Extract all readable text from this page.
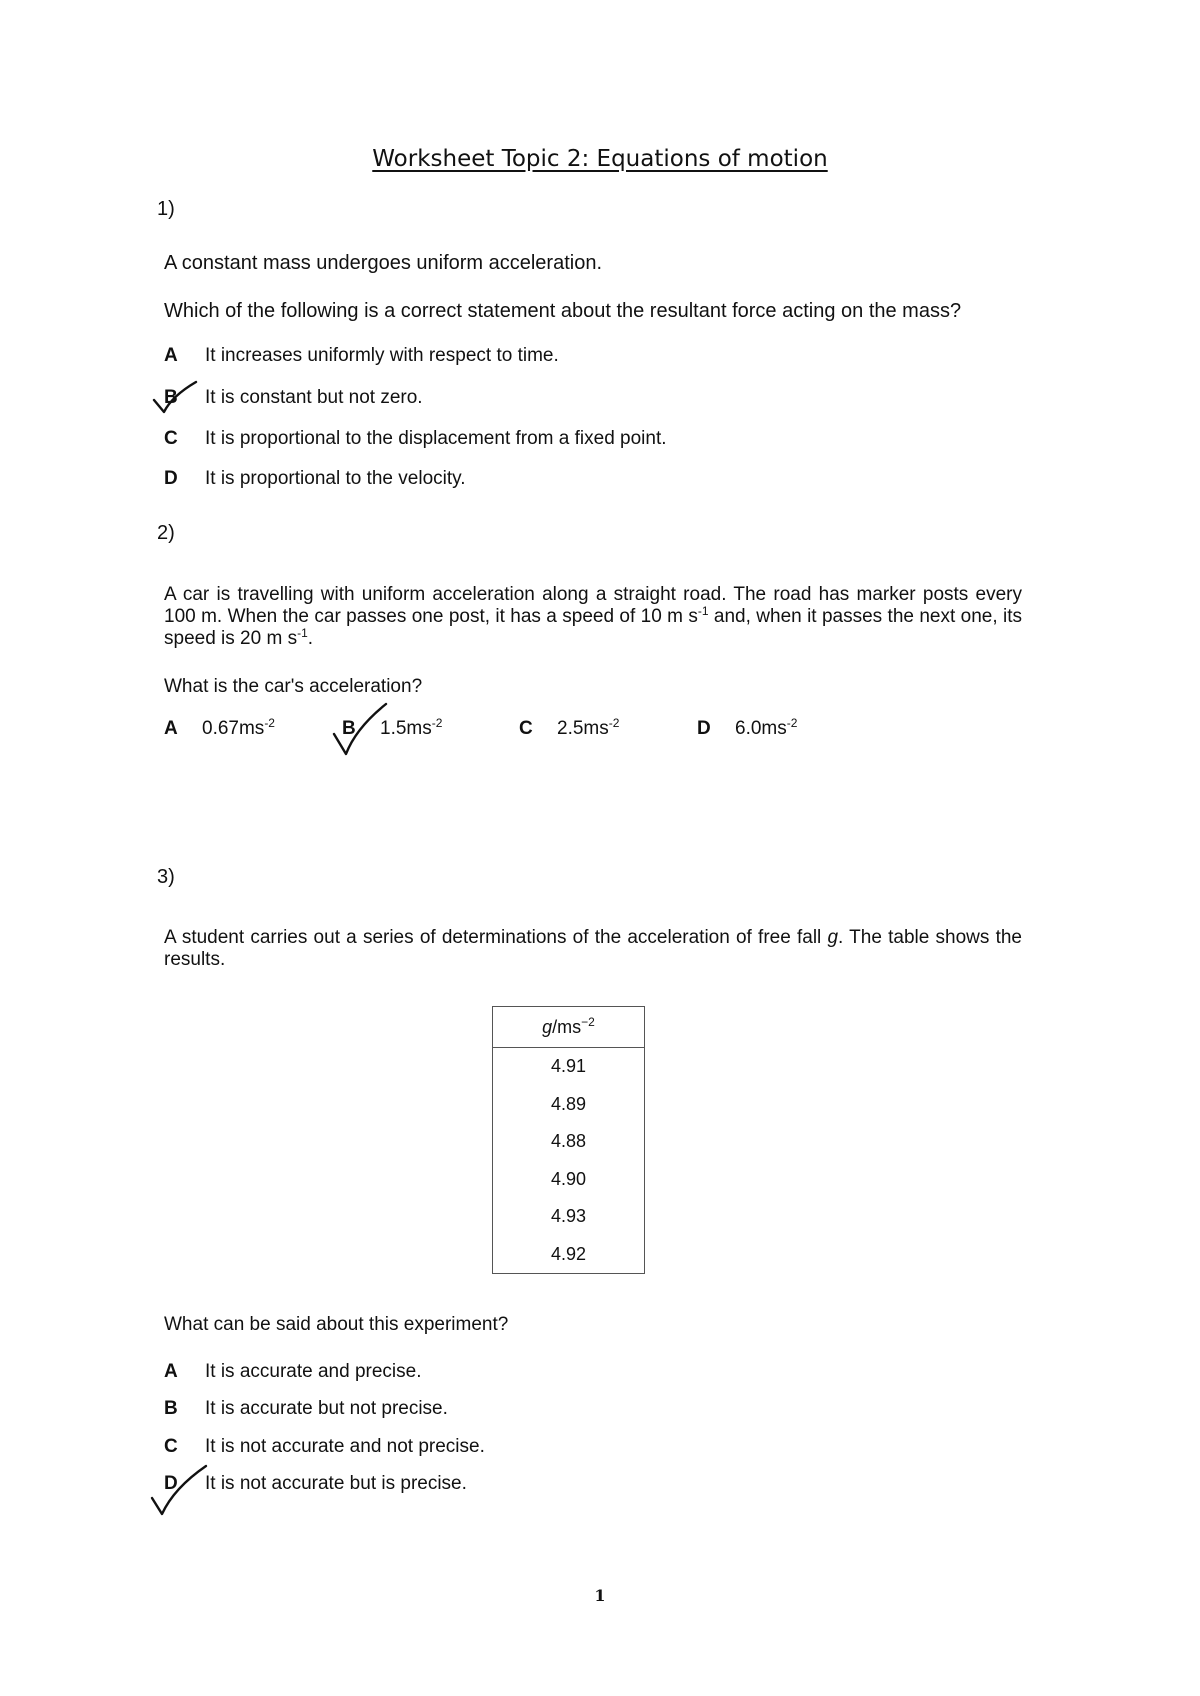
Worksheet Topic 2: Equations of motion
1)
A constant mass undergoes uniform acceleration.
Which of the following is a correct statement about the resultant force acting on the mass?
A It increases uniformly with respect to time.
B It is constant but not zero.
C It is proportional to the displacement from a fixed point.
D It is proportional to the velocity.
2)
A car is travelling with uniform acceleration along a straight road. The road has marker posts every 100 m. When the car passes one post, it has a speed of 10 m $s^{-1}$ and, when it passes the next one, its speed is 20 m $s^{-1}$.
What is the car's acceleration?
A $0.67ms^{-2}$	B $1.5ms^{-2}$	C $2.5ms^{-2}$	D $6.0ms^{-2}$
3)
A student carries out a series of determinations of the acceleration of free fall g. The table shows the results.
$g/ms^{-2}$
4.91
4.89
4.88
4.90
4.93
4.92
What can be said about this experiment?
A It is accurate and precise.
B It is accurate but not precise.
C It is not accurate and not precise.
D It is not accurate but is precise.
1
